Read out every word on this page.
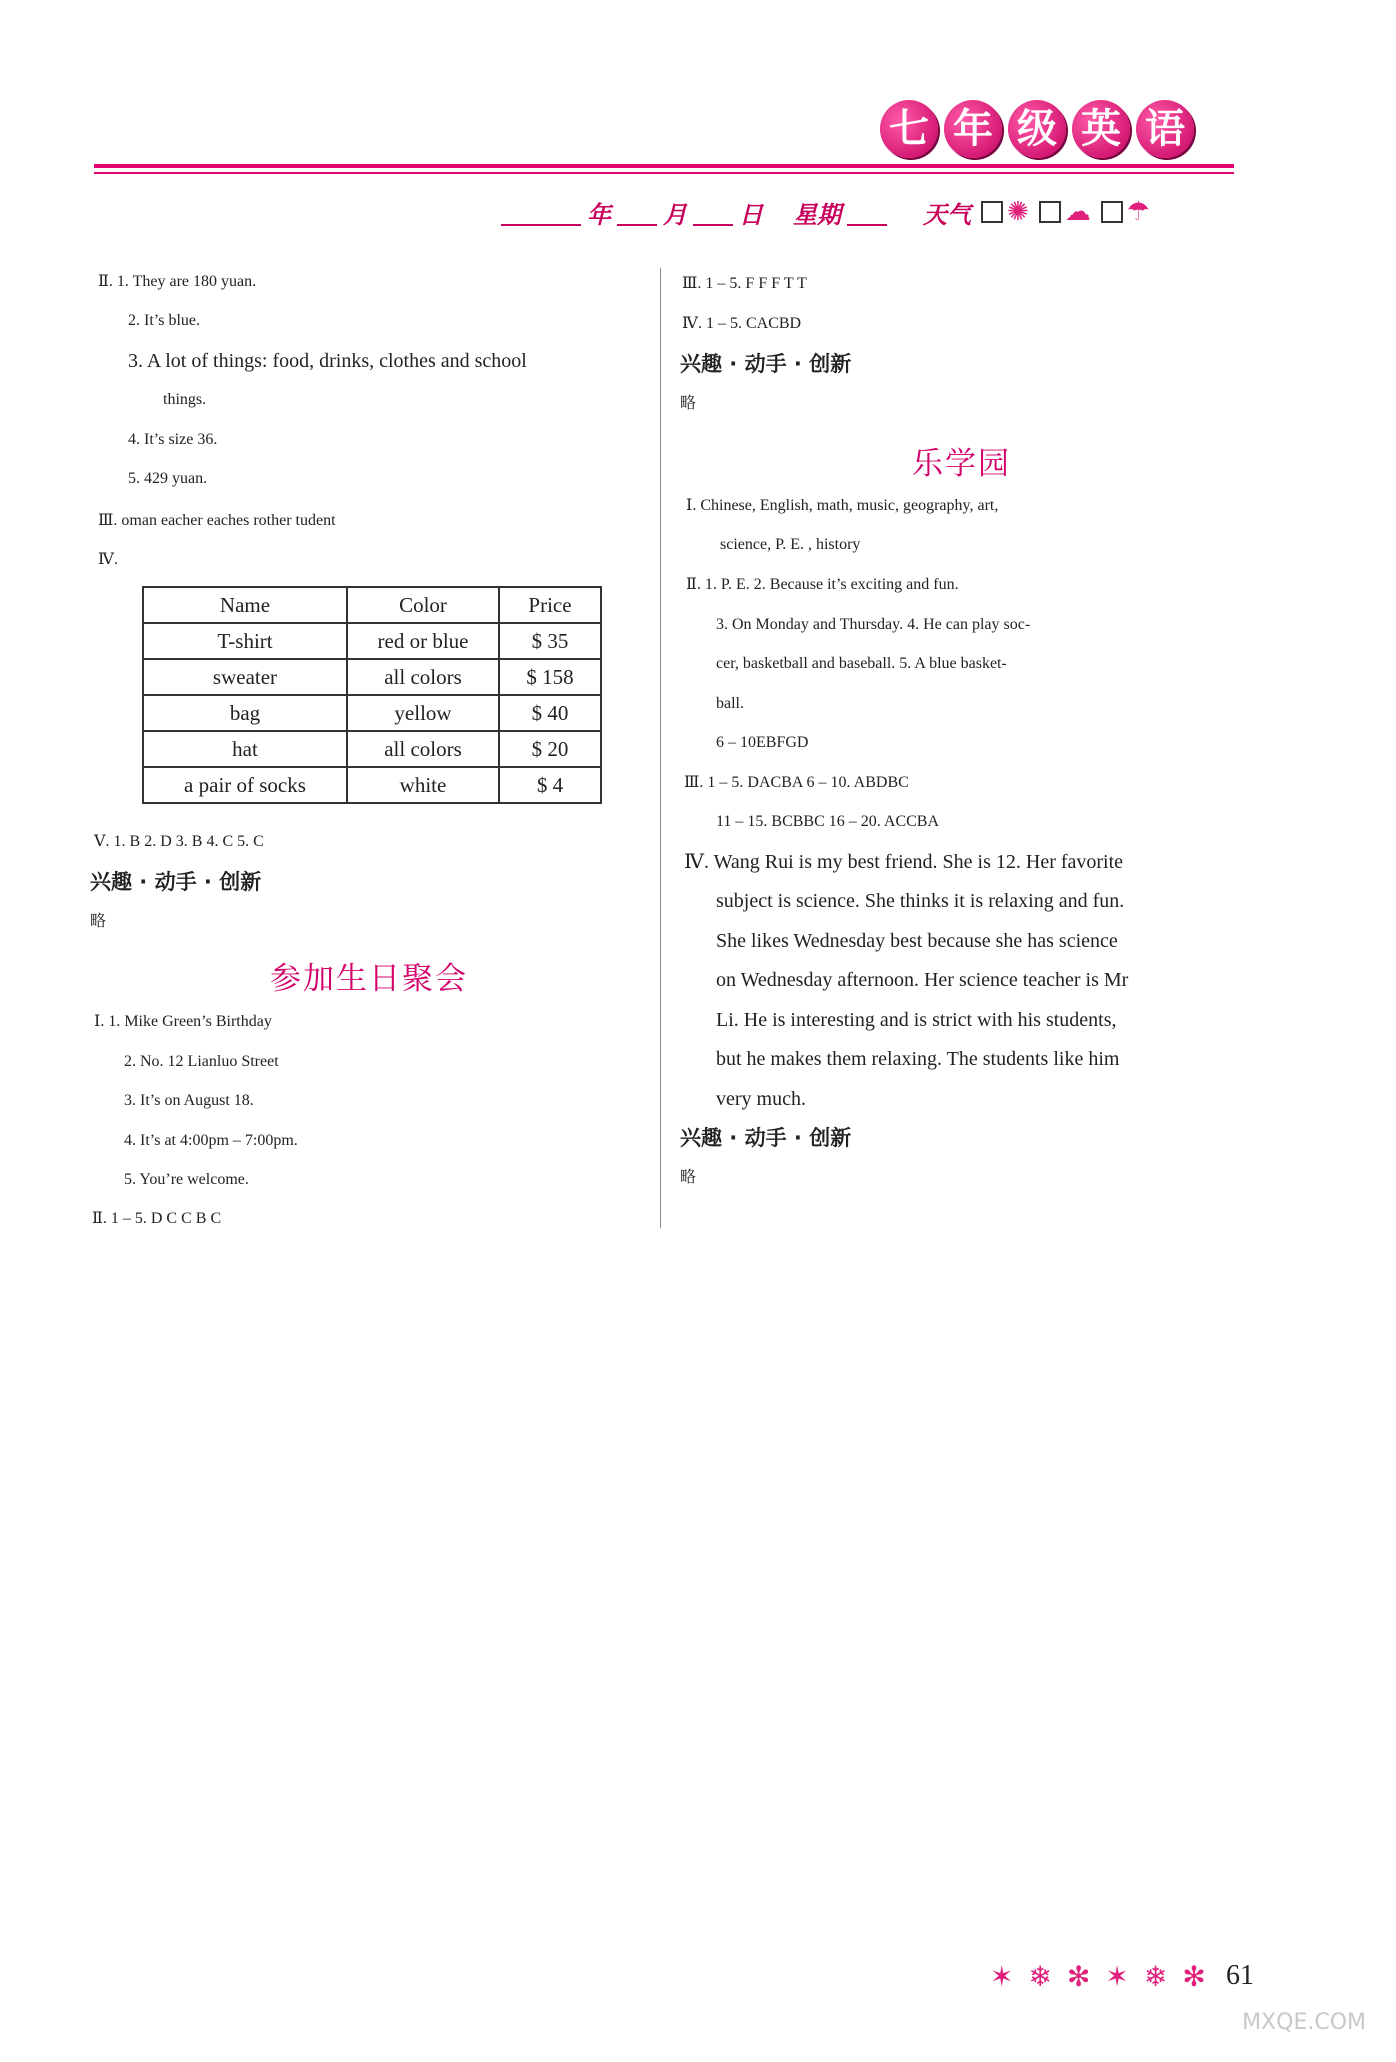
七 年 级 英 语
年 月 日 星期	天气 ✺ ☁ ☂
Ⅱ. 1. They are 180 yuan.
2. It’s blue.
3. A lot of things: food, drinks, clothes and school
things.
4. It’s size 36.
5. 429 yuan.
Ⅲ. oman eacher eaches rother tudent
Ⅳ.
Name	Color	Price
T-shirt	red or blue	$ 35
sweater	all colors	$ 158
bag	yellow	$ 40
hat	all colors	$ 20
a pair of socks	white	$ 4
Ⅴ. 1. B 2. D 3. B 4. C 5. C
兴趣 · 动手 · 创新
略
参加生日聚会
Ⅰ. 1. Mike Green’s Birthday
2. No. 12 Lianluo Street
3. It’s on August 18.
4. It’s at 4:00pm – 7:00pm.
5. You’re welcome.
Ⅱ. 1 – 5. D C C B C
Ⅲ. 1 – 5. F F F T T
Ⅳ. 1 – 5. CACBD
兴趣 · 动手 · 创新
略
乐学园
Ⅰ. Chinese, English, math, music, geography, art,
science, P. E. , history
Ⅱ. 1. P. E. 2. Because it’s exciting and fun.
3. On Monday and Thursday. 4. He can play soc-
cer, basketball and baseball. 5. A blue basket-
ball.
6 – 10EBFGD
Ⅲ. 1 – 5. DACBA 6 – 10. ABDBC
11 – 15. BCBBC 16 – 20. ACCBA
Ⅳ. Wang Rui is my best friend. She is 12. Her favorite
subject is science. She thinks it is relaxing and fun.
She likes Wednesday best because she has science
on Wednesday afternoon. Her science teacher is Mr
Li. He is interesting and is strict with his students,
but he makes them relaxing. The students like him
very much.
兴趣 · 动手 · 创新
略
✶ ❄ ✻ ✶ ❄ ✻ 61
MXQE.COM
